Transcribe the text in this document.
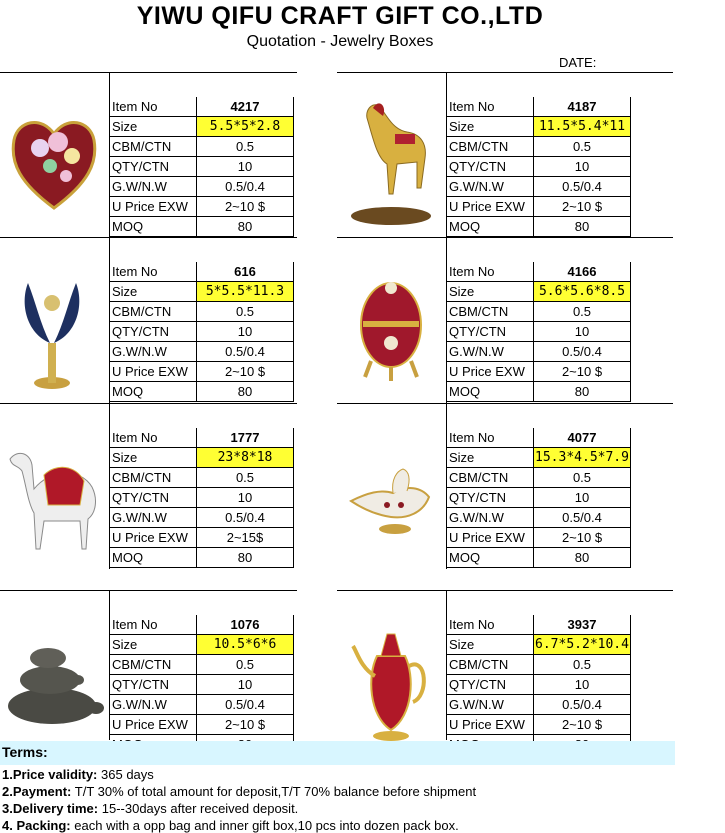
YIWU QIFU CRAFT GIFT CO.,LTD
Quotation - Jewelry Boxes
DATE:
Item No	4217
Size	5.5*5*2.8
CBM/CTN	0.5
QTY/CTN	10
G.W/N.W	0.5/0.4
U Price EXW	2~10 $
MOQ	80
Item No	4187
Size	11.5*5.4*11
CBM/CTN	0.5
QTY/CTN	10
G.W/N.W	0.5/0.4
U Price EXW	2~10 $
MOQ	80
Item No	616
Size	5*5.5*11.3
CBM/CTN	0.5
QTY/CTN	10
G.W/N.W	0.5/0.4
U Price EXW	2~10 $
MOQ	80
Item No	4166
Size	5.6*5.6*8.5
CBM/CTN	0.5
QTY/CTN	10
G.W/N.W	0.5/0.4
U Price EXW	2~10 $
MOQ	80
Item No	1777
Size	23*8*18
CBM/CTN	0.5
QTY/CTN	10
G.W/N.W	0.5/0.4
U Price EXW	2~15$
MOQ	80
Item No	4077
Size	15.3*4.5*7.9
CBM/CTN	0.5
QTY/CTN	10
G.W/N.W	0.5/0.4
U Price EXW	2~10 $
MOQ	80
Item No	1076
Size	10.5*6*6
CBM/CTN	0.5
QTY/CTN	10
G.W/N.W	0.5/0.4
U Price EXW	2~10 $

Item No	3937
Size	6.7*5.2*10.4
CBM/CTN	0.5
QTY/CTN	10
G.W/N.W	0.5/0.4
U Price EXW	2~10 $

Terms:
1.Price validity: 365 days
2.Payment: T/T 30% of total amount for deposit,T/T 70% balance before shipment
3.Delivery time: 15--30days after received deposit.
4. Packing: each with a opp bag and inner gift box,10 pcs into dozen pack box.
